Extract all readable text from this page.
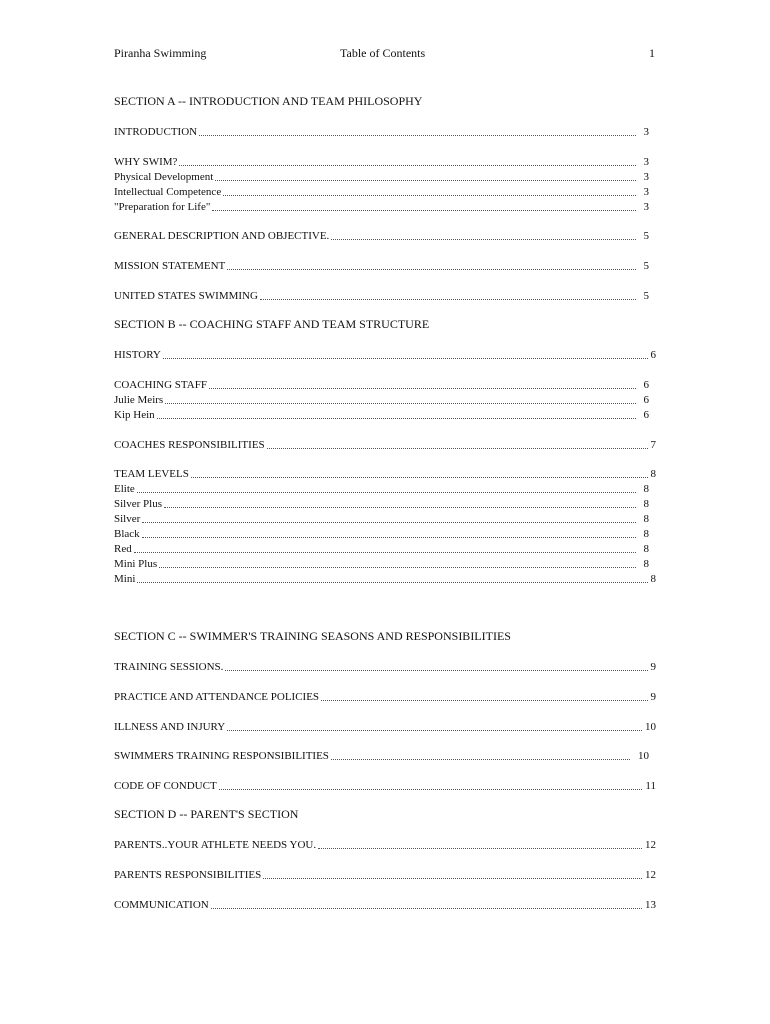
Piranha Swimming	Table of Contents	1
SECTION A -- INTRODUCTION AND TEAM PHILOSOPHY
INTRODUCTION	3
WHY SWIM?	3
Physical Development	3
Intellectual Competence	3
"Preparation for Life"	3
GENERAL DESCRIPTION AND OBJECTIVE.	5
MISSION STATEMENT	5
UNITED STATES SWIMMING	5
SECTION B -- COACHING STAFF AND TEAM STRUCTURE
HISTORY	6
COACHING STAFF	6
Julie Meirs	6
Kip Hein	6
COACHES RESPONSIBILITIES	7
TEAM LEVELS	8
Elite	8
Silver Plus	8
Silver	8
Black	8
Red	8
Mini Plus	8
Mini	8
SECTION C -- SWIMMER'S TRAINING SEASONS AND RESPONSIBILITIES
TRAINING SESSIONS.	9
PRACTICE AND ATTENDANCE POLICIES	9
ILLNESS AND INJURY	10
SWIMMERS TRAINING RESPONSIBILITIES	10
CODE OF CONDUCT	11
SECTION D -- PARENT'S SECTION
PARENTS..YOUR ATHLETE NEEDS YOU.	12
PARENTS RESPONSIBILITIES	12
COMMUNICATION	13
